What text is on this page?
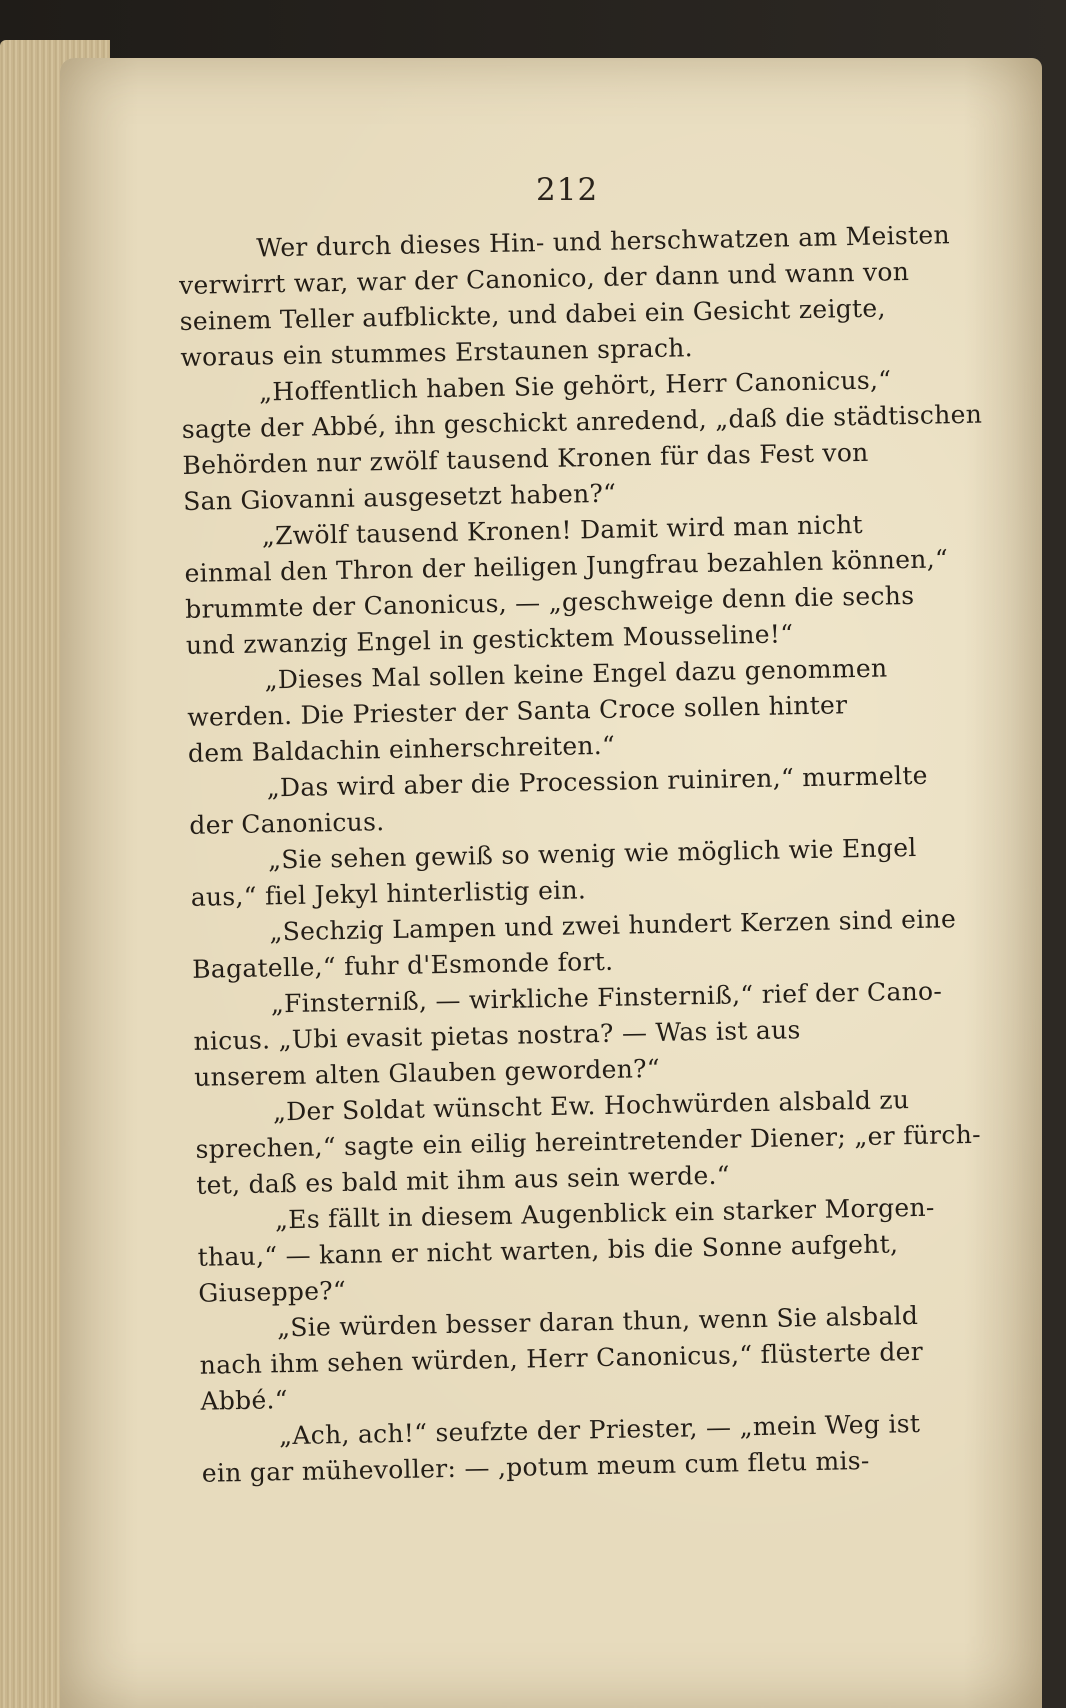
212
Wer durch dieses Hin- und herschwatzen am Meisten
verwirrt war, war der Canonico, der dann und wann von
seinem Teller aufblickte, und dabei ein Gesicht zeigte,
woraus ein stummes Erstaunen sprach.
„Hoffentlich haben Sie gehört, Herr Canonicus,“
sagte der Abbé, ihn geschickt anredend, „daß die städtischen
Behörden nur zwölf tausend Kronen für das Fest von
San Giovanni ausgesetzt haben?“
„Zwölf tausend Kronen! Damit wird man nicht
einmal den Thron der heiligen Jungfrau bezahlen können,“
brummte der Canonicus, — „geschweige denn die sechs
und zwanzig Engel in gesticktem Mousseline!“
„Dieses Mal sollen keine Engel dazu genommen
werden. Die Priester der Santa Croce sollen hinter
dem Baldachin einherschreiten.“
„Das wird aber die Procession ruiniren,“ murmelte
der Canonicus.
„Sie sehen gewiß so wenig wie möglich wie Engel
aus,“ fiel Jekyl hinterlistig ein.
„Sechzig Lampen und zwei hundert Kerzen sind eine
Bagatelle,“ fuhr d'Esmonde fort.
„Finsterniß, — wirkliche Finsterniß,“ rief der Cano-
nicus. „Ubi evasit pietas nostra? — Was ist aus
unserem alten Glauben geworden?“
„Der Soldat wünscht Ew. Hochwürden alsbald zu
sprechen,“ sagte ein eilig hereintretender Diener; „er fürch-
tet, daß es bald mit ihm aus sein werde.“
„Es fällt in diesem Augenblick ein starker Morgen-
thau,“ — kann er nicht warten, bis die Sonne aufgeht,
Giuseppe?“
„Sie würden besser daran thun, wenn Sie alsbald
nach ihm sehen würden, Herr Canonicus,“ flüsterte der
Abbé.“
„Ach, ach!“ seufzte der Priester, — „mein Weg ist
ein gar mühevoller: — ,potum meum cum fletu mis-
